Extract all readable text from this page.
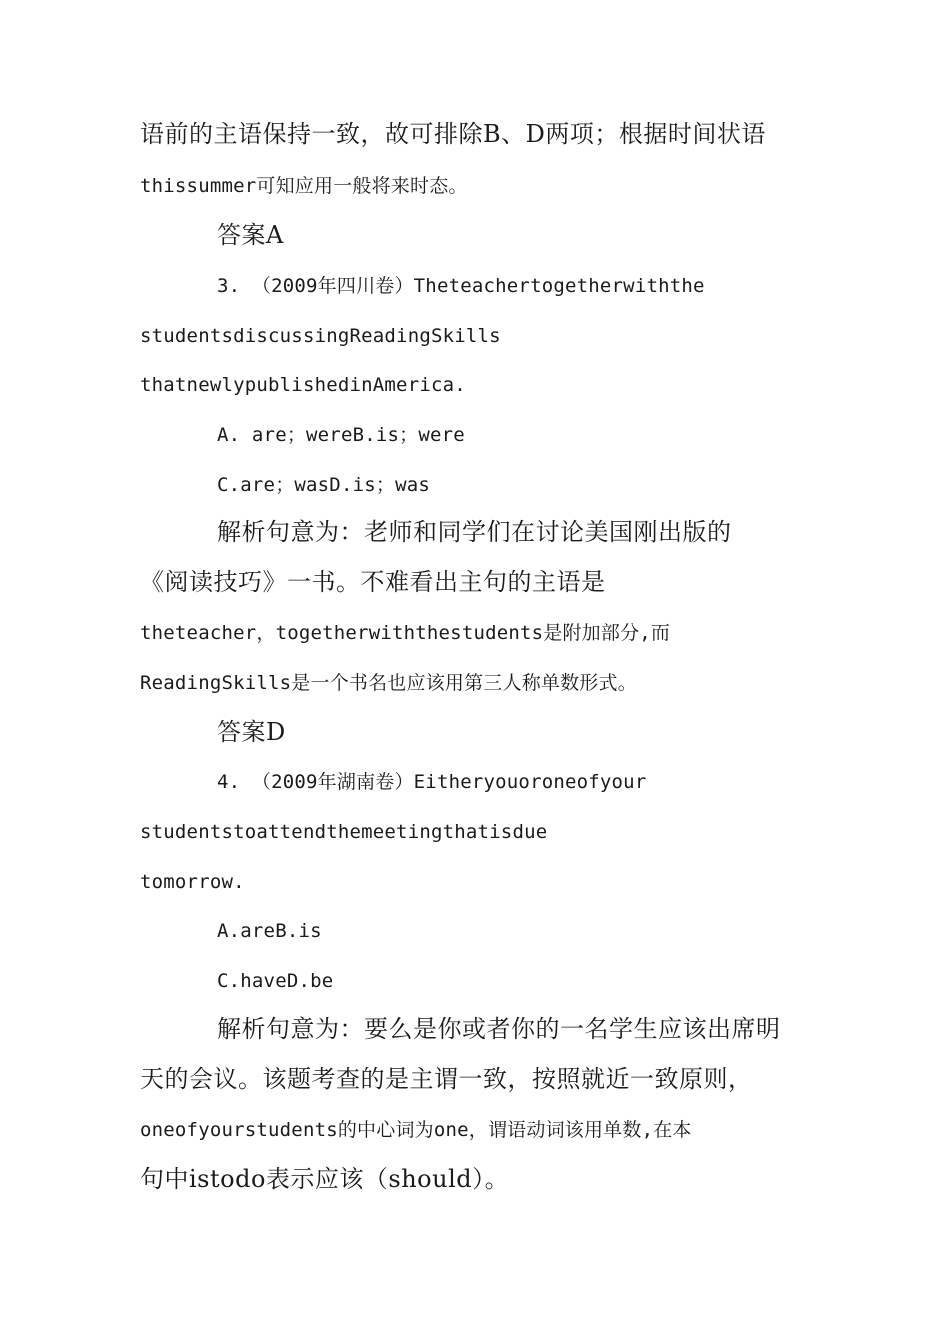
语前的主语保持一致，故可排除B、D两项；根据时间状语
thissummer可知应用一般将来时态。
答案A
3. （2009年四川卷）Theteachertogetherwiththe
studentsdiscussingReadingSkills
thatnewlypublishedinAmerica.
A. are；wereB.is；were
C.are；wasD.is；was
解析句意为：老师和同学们在讨论美国刚出版的
《阅读技巧》一书。不难看出主句的主语是
theteacher，togetherwiththestudents是附加部分,而
ReadingSkills是一个书名也应该用第三人称单数形式。
答案D
4. （2009年湖南卷）Eitheryouoroneofyour
studentstoattendthemeetingthatisdue
tomorrow.
A.areB.is
C.haveD.be
解析句意为：要么是你或者你的一名学生应该出席明
天的会议。该题考查的是主谓一致，按照就近一致原则，
oneofyourstudents的中心词为one，谓语动词该用单数,在本
句中istodo表示应该（should）。
